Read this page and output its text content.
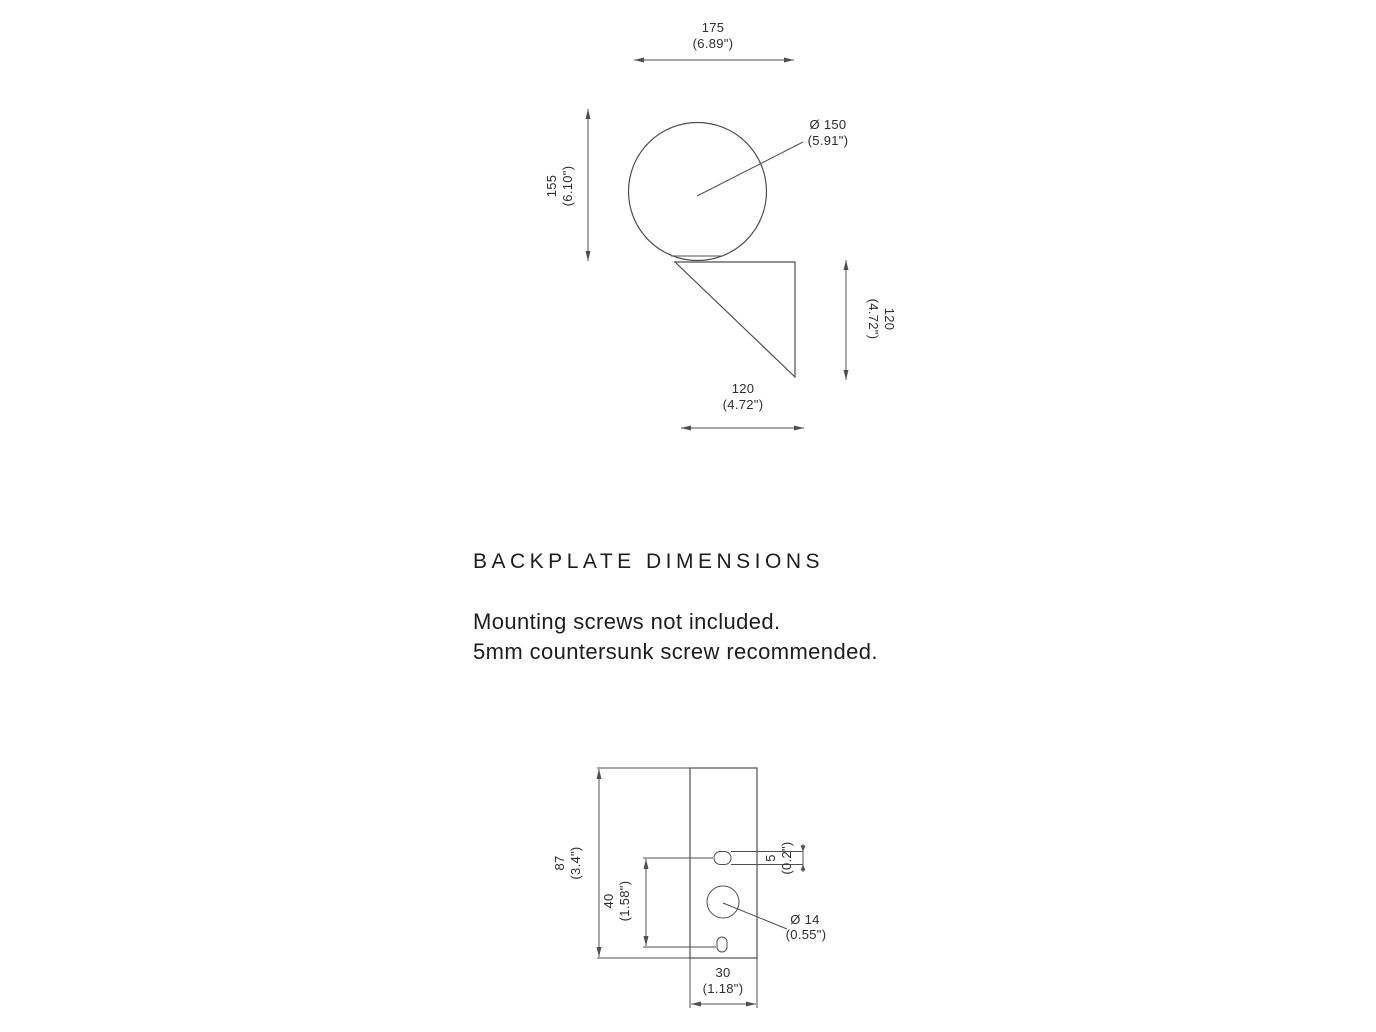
175
(6.89")
155 (6.10")
Ø 150
(5.91")
120
(4.72")
120
(4.72")
87 (3.4")
40 (1.58")
5 (0.2")
Ø 14
(0.55")
30
(1.18")
BACKPLATE DIMENSIONS
Mounting screws not included.
5mm countersunk screw recommended.
